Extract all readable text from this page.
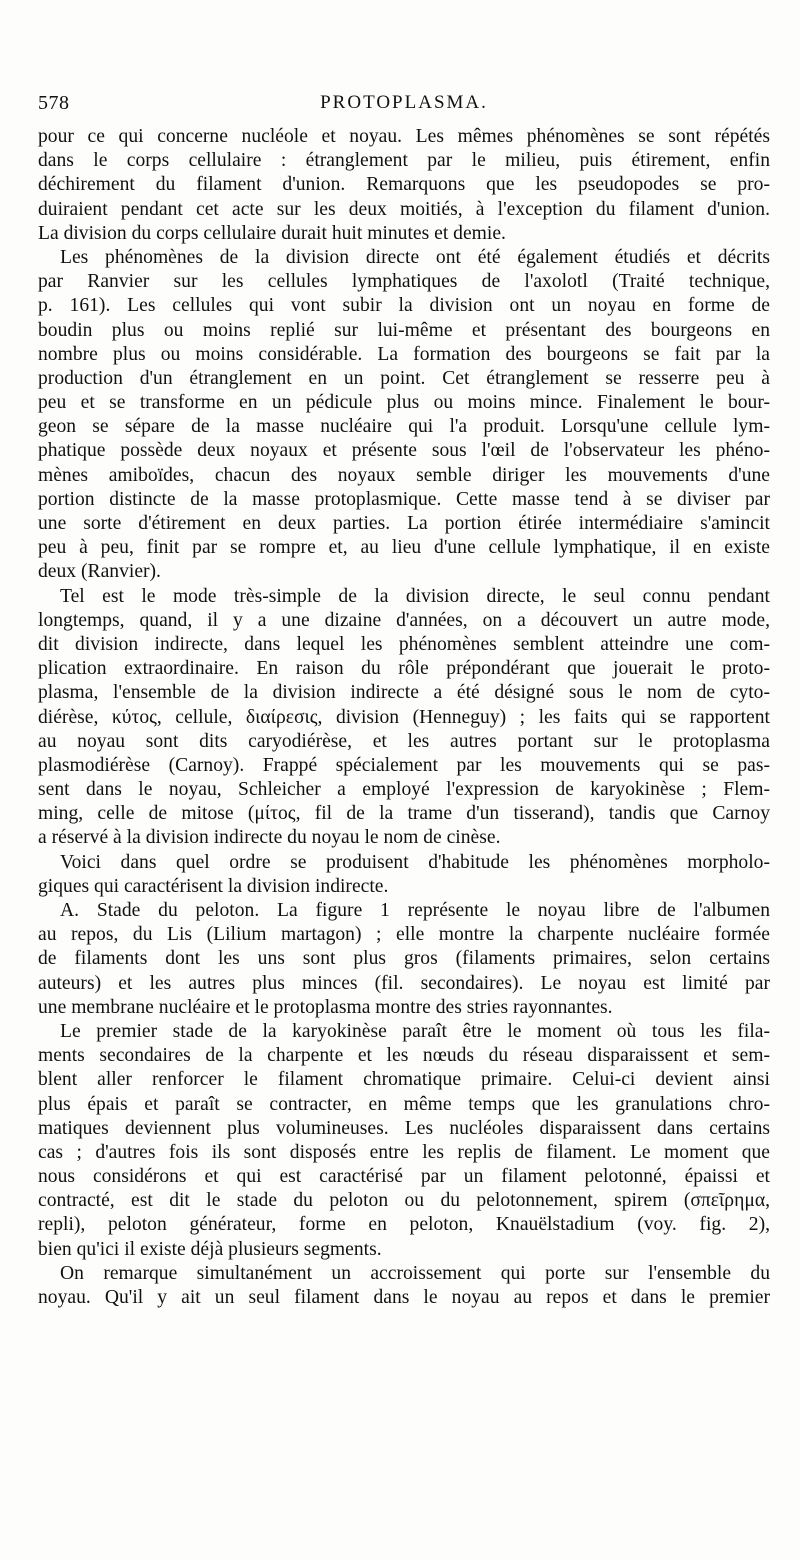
578	PROTOPLASMA.
pour ce qui concerne nucléole et noyau. Les mêmes phénomènes se sont répétés
dans le corps cellulaire : étranglement par le milieu, puis étirement, enfin
déchirement du filament d'union. Remarquons que les pseudopodes se pro-
duiraient pendant cet acte sur les deux moitiés, à l'exception du filament d'union.
La division du corps cellulaire durait huit minutes et demie.
Les phénomènes de la division directe ont été également étudiés et décrits
par Ranvier sur les cellules lymphatiques de l'axolotl (Traité technique,
p. 161). Les cellules qui vont subir la division ont un noyau en forme de
boudin plus ou moins replié sur lui-même et présentant des bourgeons en
nombre plus ou moins considérable. La formation des bourgeons se fait par la
production d'un étranglement en un point. Cet étranglement se resserre peu à
peu et se transforme en un pédicule plus ou moins mince. Finalement le bour-
geon se sépare de la masse nucléaire qui l'a produit. Lorsqu'une cellule lym-
phatique possède deux noyaux et présente sous l'œil de l'observateur les phéno-
mènes amiboïdes, chacun des noyaux semble diriger les mouvements d'une
portion distincte de la masse protoplasmique. Cette masse tend à se diviser par
une sorte d'étirement en deux parties. La portion étirée intermédiaire s'amincit
peu à peu, finit par se rompre et, au lieu d'une cellule lymphatique, il en existe
deux (Ranvier).
Tel est le mode très-simple de la division directe, le seul connu pendant
longtemps, quand, il y a une dizaine d'années, on a découvert un autre mode,
dit division indirecte, dans lequel les phénomènes semblent atteindre une com-
plication extraordinaire. En raison du rôle prépondérant que jouerait le proto-
plasma, l'ensemble de la division indirecte a été désigné sous le nom de cyto-
diérèse, κύτος, cellule, διαίρεσις, division (Henneguy) ; les faits qui se rapportent
au noyau sont dits caryodiérèse, et les autres portant sur le protoplasma
plasmodiérèse (Carnoy). Frappé spécialement par les mouvements qui se pas-
sent dans le noyau, Schleicher a employé l'expression de karyokinèse ; Flem-
ming, celle de mitose (μίτος, fil de la trame d'un tisserand), tandis que Carnoy
a réservé à la division indirecte du noyau le nom de cinèse.
Voici dans quel ordre se produisent d'habitude les phénomènes morpholo-
giques qui caractérisent la division indirecte.
A. Stade du peloton. La figure 1 représente le noyau libre de l'albumen
au repos, du Lis (Lilium martagon) ; elle montre la charpente nucléaire formée
de filaments dont les uns sont plus gros (filaments primaires, selon certains
auteurs) et les autres plus minces (fil. secondaires). Le noyau est limité par
une membrane nucléaire et le protoplasma montre des stries rayonnantes.
Le premier stade de la karyokinèse paraît être le moment où tous les fila-
ments secondaires de la charpente et les nœuds du réseau disparaissent et sem-
blent aller renforcer le filament chromatique primaire. Celui-ci devient ainsi
plus épais et paraît se contracter, en même temps que les granulations chro-
matiques deviennent plus volumineuses. Les nucléoles disparaissent dans certains
cas ; d'autres fois ils sont disposés entre les replis de filament. Le moment que
nous considérons et qui est caractérisé par un filament pelotonné, épaissi et
contracté, est dit le stade du peloton ou du pelotonnement, spirem (σπεῖρημα,
repli), peloton générateur, forme en peloton, Knauëlstadium (voy. fig. 2),
bien qu'ici il existe déjà plusieurs segments.
On remarque simultanément un accroissement qui porte sur l'ensemble du
noyau. Qu'il y ait un seul filament dans le noyau au repos et dans le premier
